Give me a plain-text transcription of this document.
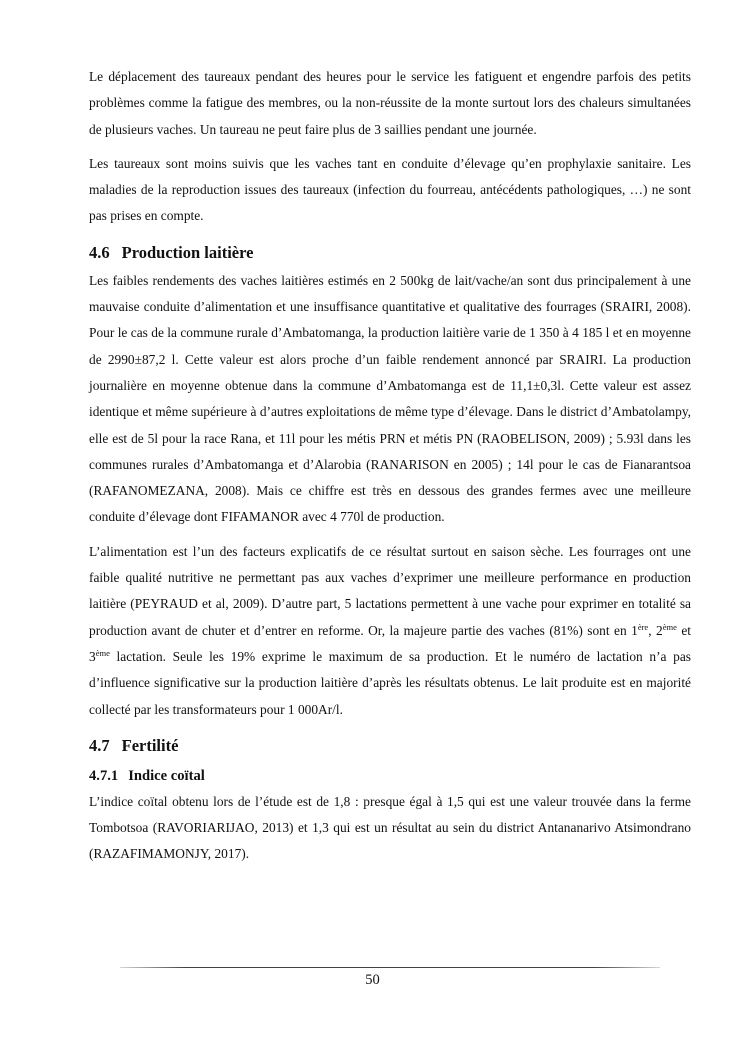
Le déplacement des taureaux pendant des heures pour le service les fatiguent et engendre parfois des petits problèmes comme la fatigue des membres, ou la non-réussite de la monte surtout lors des chaleurs simultanées de plusieurs vaches. Un taureau ne peut faire plus de 3 saillies pendant une journée.

Les taureaux sont moins suivis que les vaches tant en conduite d’élevage qu’en prophylaxie sanitaire. Les maladies de la reproduction issues des taureaux (infection du fourreau, antécédents pathologiques, …) ne sont pas prises en compte.

4.6 Production laitière

Les faibles rendements des vaches laitières estimés en 2 500kg de lait/vache/an sont dus principalement à une mauvaise conduite d’alimentation et une insuffisance quantitative et qualitative des fourrages (SRAIRI, 2008). Pour le cas de la commune rurale d’Ambatomanga, la production laitière varie de 1 350 à 4 185 l et en moyenne de 2990±87,2 l. Cette valeur est alors proche d’un faible rendement annoncé par SRAIRI. La production journalière en moyenne obtenue dans la commune d’Ambatomanga est de 11,1±0,3l. Cette valeur est assez identique et même supérieure à d’autres exploitations de même type d’élevage. Dans le district d’Ambatolampy, elle est de 5l pour la race Rana, et 11l pour les métis PRN et métis PN (RAOBELISON, 2009) ; 5.93l dans les communes rurales d’Ambatomanga et d’Alarobia (RANARISON en 2005) ; 14l pour le cas de Fianarantsoa (RAFANOMEZANA, 2008). Mais ce chiffre est très en dessous des grandes fermes avec une meilleure conduite d’élevage dont FIFAMANOR avec 4 770l de production.

L’alimentation est l’un des facteurs explicatifs de ce résultat surtout en saison sèche. Les fourrages ont une faible qualité nutritive ne permettant pas aux vaches d’exprimer une meilleure performance en production laitière (PEYRAUD et al, 2009). D’autre part, 5 lactations permettent à une vache pour exprimer en totalité sa production avant de chuter et d’entrer en reforme. Or, la majeure partie des vaches (81%) sont en 1ère, 2ème et 3ème lactation. Seule les 19% exprime le maximum de sa production. Et le numéro de lactation n’a pas d’influence significative sur la production laitière d’après les résultats obtenus. Le lait produite est en majorité collecté par les transformateurs pour 1 000Ar/l.

4.7 Fertilité
4.7.1 Indice coïtal

L’indice coïtal obtenu lors de l’étude est de 1,8 : presque égal à 1,5 qui est une valeur trouvée dans la ferme Tombotsoa (RAVORIARIJAO, 2013) et 1,3 qui est un résultat au sein du district Antananarivo Atsimondrano (RAZAFIMAMONJY, 2017).

50
